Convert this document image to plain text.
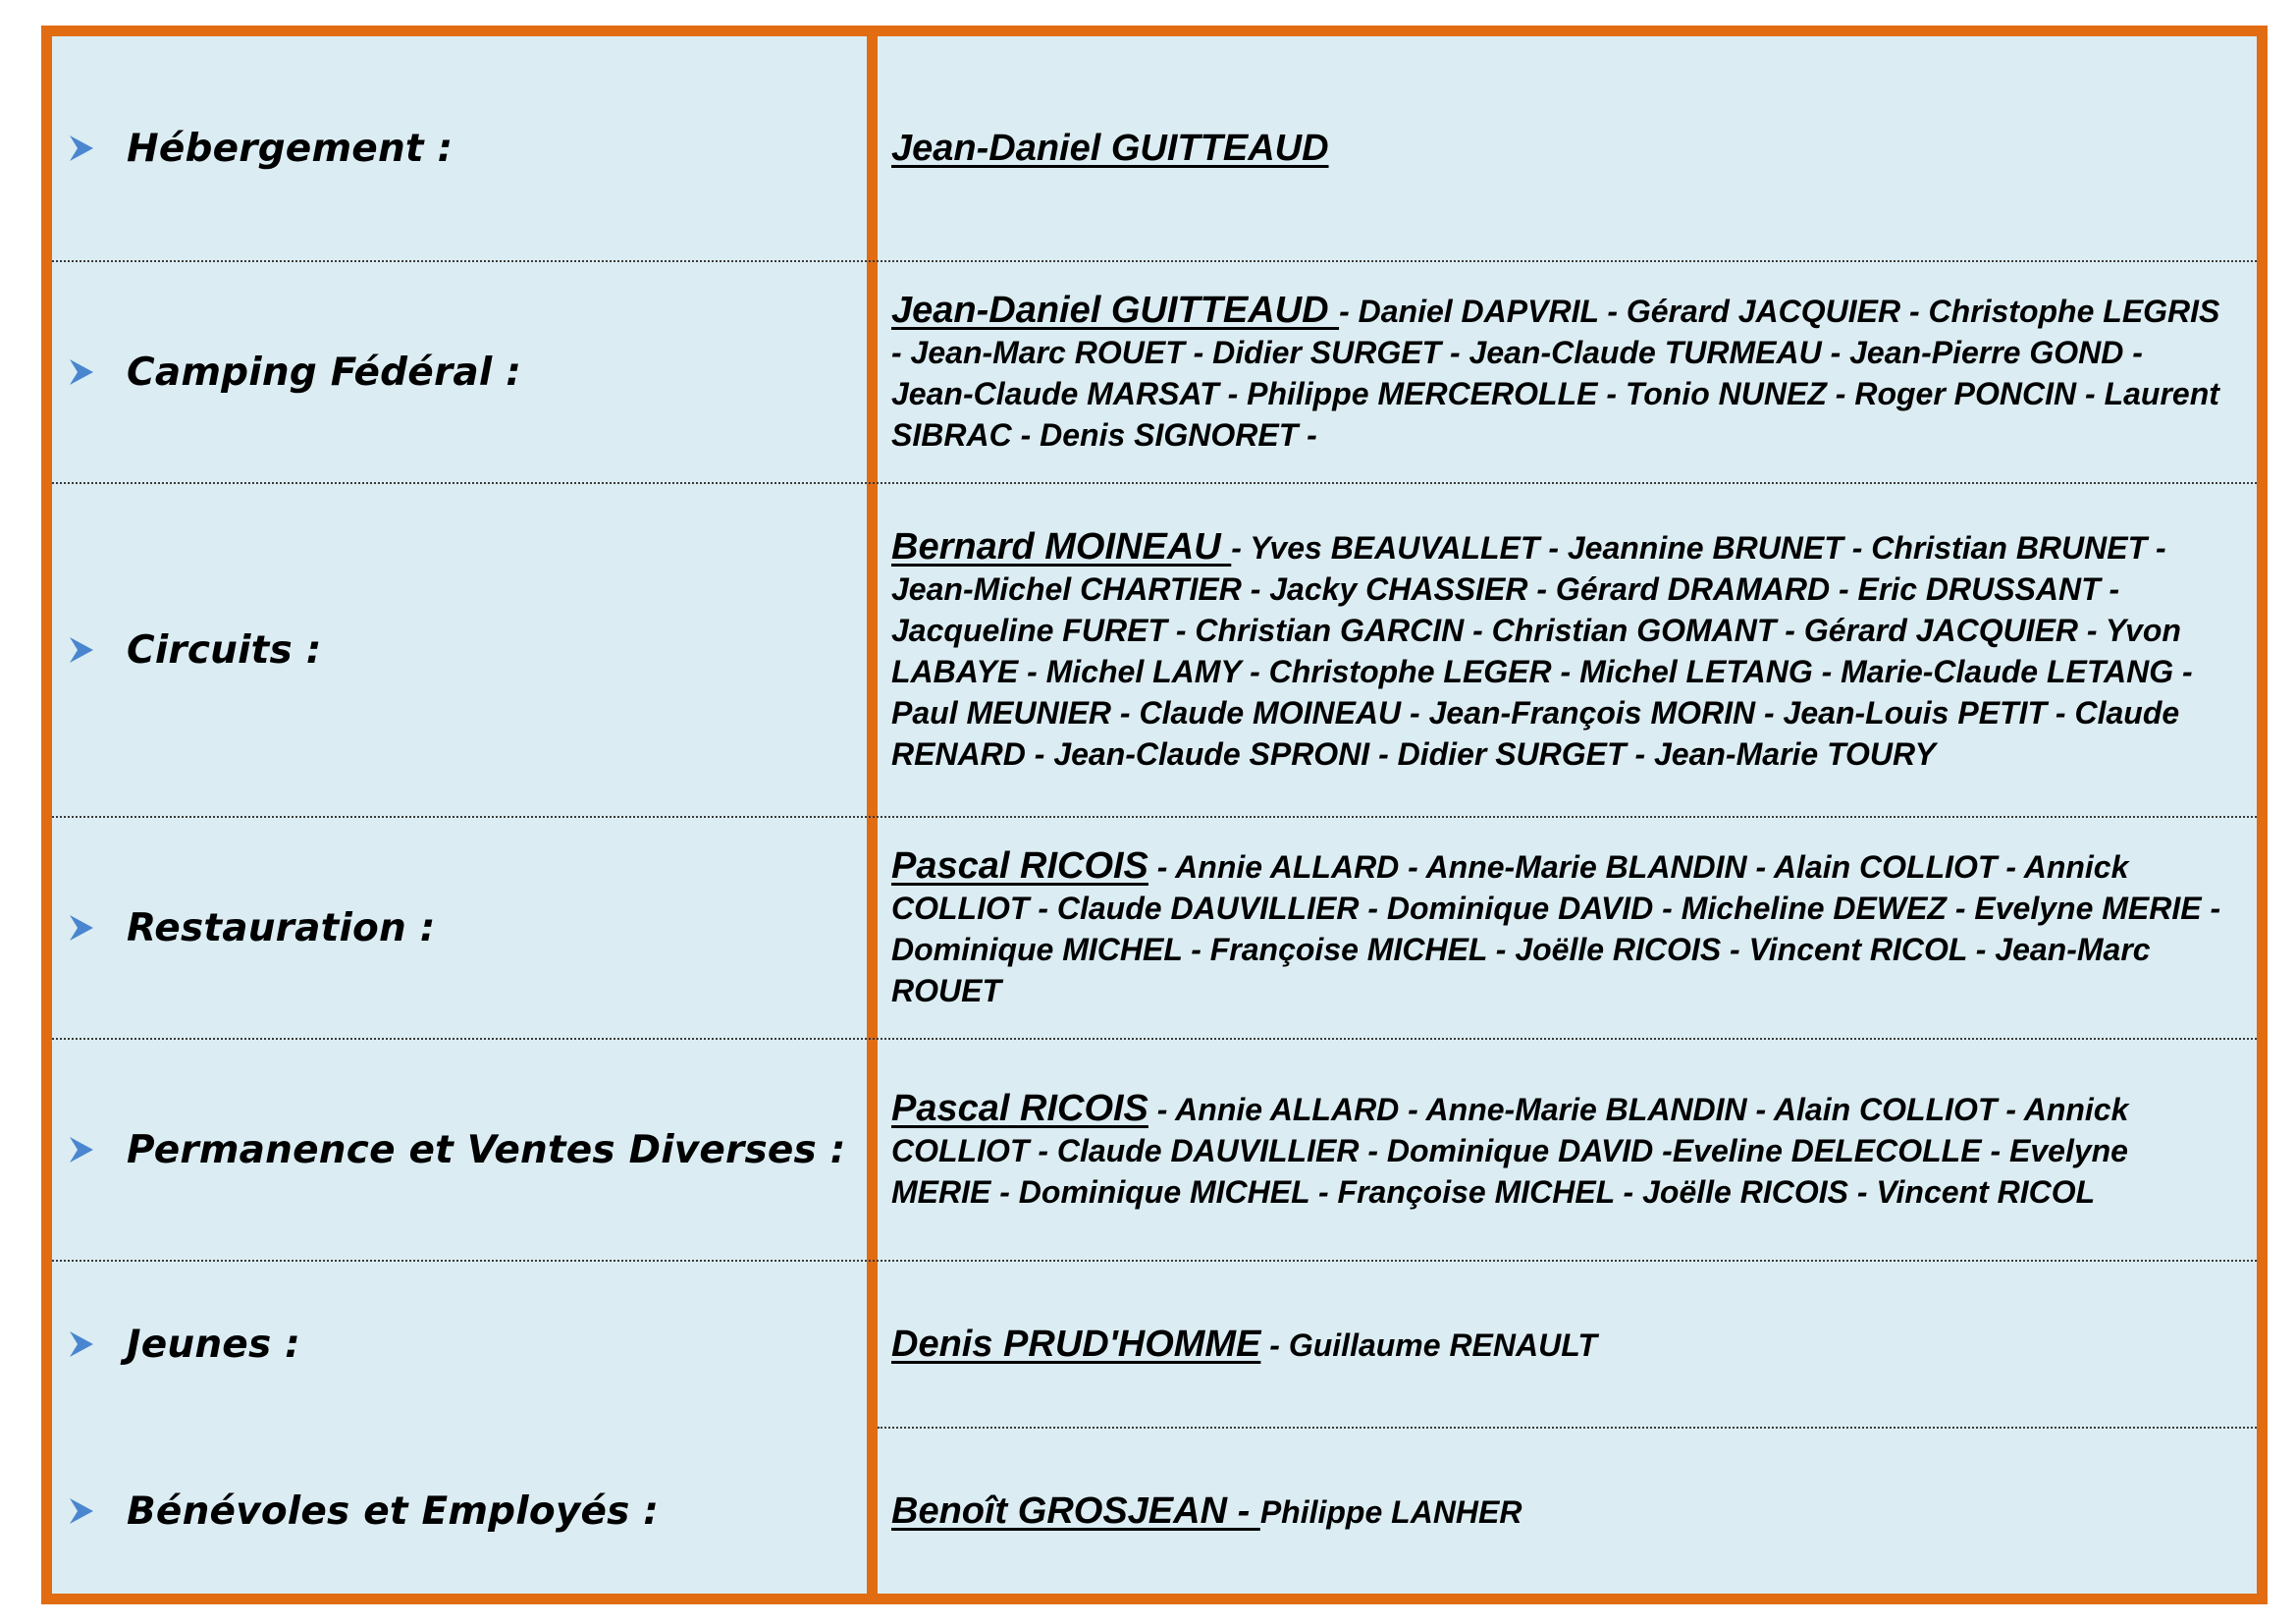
Hébergement :	Jean-Daniel GUITTEAUD
Camping Fédéral :
Jean-Daniel GUITTEAUD - Daniel DAPVRIL - Gérard JACQUIER - Christophe LEGRIS - Jean-Marc ROUET - Didier SURGET - Jean-Claude TURMEAU - Jean-Pierre GOND - Jean-Claude MARSAT - Philippe MERCEROLLE - Tonio NUNEZ - Roger PONCIN - Laurent SIBRAC - Denis SIGNORET -
Circuits :
Bernard MOINEAU - Yves BEAUVALLET - Jeannine BRUNET - Christian BRUNET - Jean-Michel CHARTIER - Jacky CHASSIER - Gérard DRAMARD - Eric DRUSSANT - Jacqueline FURET - Christian GARCIN - Christian GOMANT - Gérard JACQUIER - Yvon LABAYE - Michel LAMY - Christophe LEGER - Michel LETANG - Marie-Claude LETANG - Paul MEUNIER - Claude MOINEAU - Jean-François MORIN - Jean-Louis PETIT - Claude RENARD - Jean-Claude SPRONI - Didier SURGET - Jean-Marie TOURY
Restauration :
Pascal RICOIS - Annie ALLARD - Anne-Marie BLANDIN - Alain COLLIOT - Annick COLLIOT - Claude DAUVILLIER - Dominique DAVID - Micheline DEWEZ - Evelyne MERIE - Dominique MICHEL - Françoise MICHEL - Joëlle RICOIS - Vincent RICOL - Jean-Marc ROUET
Permanence et Ventes Diverses :
Pascal RICOIS - Annie ALLARD - Anne-Marie BLANDIN - Alain COLLIOT - Annick COLLIOT - Claude DAUVILLIER - Dominique DAVID -Eveline DELECOLLE - Evelyne MERIE - Dominique MICHEL - Françoise MICHEL - Joëlle RICOIS - Vincent RICOL
Jeunes :	Denis PRUD'HOMME - Guillaume RENAULT
Bénévoles et Employés :	Benoît GROSJEAN - Philippe LANHER
